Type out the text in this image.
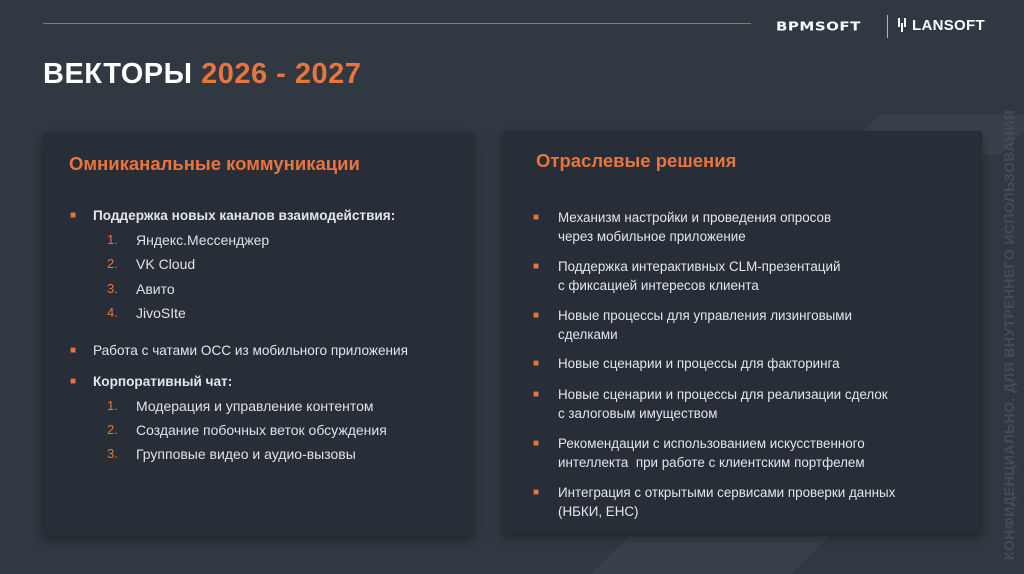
BPMSOFT	LANSOFT
ВЕКТОРЫ 2026 - 2027
КОНФИДЕНЦИАЛЬНО. ДЛЯ ВНУТРЕННЕГО ИСПОЛЬЗОВАНИЯ
Омниканальные коммуникации
■ Поддержка новых каналов взаимодействия:
1. Яндекс.Мессенджер
2. VK Cloud
3. Авито
4. JivoSIte
■ Работа с чатами ОСС из мобильного приложения
■ Корпоративный чат:
1. Модерация и управление контентом
2. Создание побочных веток обсуждения
3. Групповые видео и аудио-вызовы
Отраслевые решения
■ Механизм настройки и проведения опросов
через мобильное приложение
■ Поддержка интерактивных CLM-презентаций
с фиксацией интересов клиента
■ Новые процессы для управления лизинговыми
сделками
■ Новые сценарии и процессы для факторинга
■ Новые сценарии и процессы для реализации сделок
с залоговым имуществом
■ Рекомендации с использованием искусственного
интеллекта  при работе с клиентским портфелем
■ Интеграция с открытыми сервисами проверки данных
(НБКИ, ЕНС)
